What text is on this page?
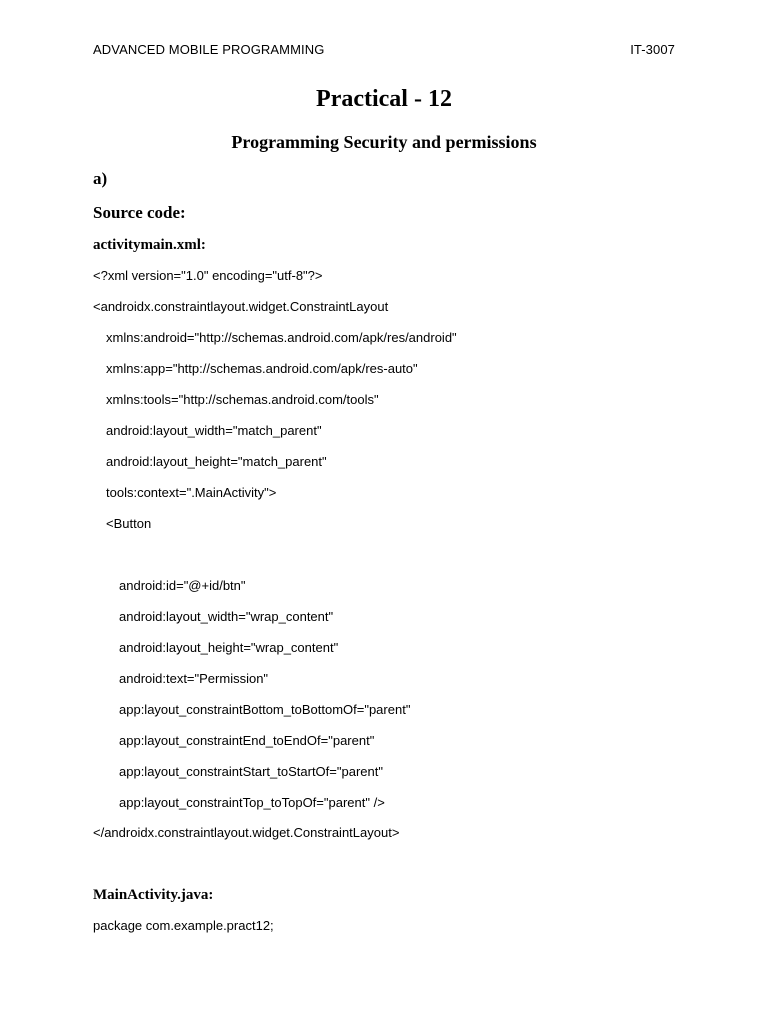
ADVANCED MOBILE PROGRAMMING	IT-3007
Practical - 12
Programming Security and permissions
a)
Source code:
activitymain.xml:
<?xml version="1.0" encoding="utf-8"?>
<androidx.constraintlayout.widget.ConstraintLayout
xmlns:android="http://schemas.android.com/apk/res/android"
xmlns:app="http://schemas.android.com/apk/res-auto"
xmlns:tools="http://schemas.android.com/tools"
android:layout_width="match_parent"
android:layout_height="match_parent"
tools:context=".MainActivity">
<Button
android:id="@+id/btn"
android:layout_width="wrap_content"
android:layout_height="wrap_content"
android:text="Permission"
app:layout_constraintBottom_toBottomOf="parent"
app:layout_constraintEnd_toEndOf="parent"
app:layout_constraintStart_toStartOf="parent"
app:layout_constraintTop_toTopOf="parent" />
</androidx.constraintlayout.widget.ConstraintLayout>
MainActivity.java:
package com.example.pract12;
